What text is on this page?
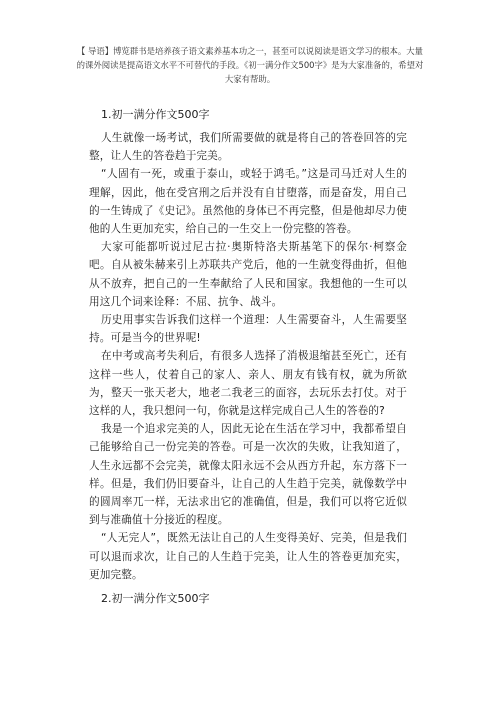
【 导语】博览群书是培养孩子语文素养基本功之一，甚至可以说阅读是语文学习的根本。大量的课外阅读是提高语文水平不可替代的手段。《初一满分作文500字》是为大家准备的，希望对大家有帮助。
1.初一满分作文500字

人生就像一场考试，我们所需要做的就是将自己的答卷回答的完整，让人生的答卷趋于完美。

“人固有一死，或重于泰山，或轻于鸿毛。”这是司马迁对人生的理解，因此，他在受宫刑之后并没有自甘堕落，而是奋发，用自己的一生铸成了《史记》。虽然他的身体已不再完整，但是他却尽力使他的人生更加充实，给自己的一生交上一份完整的答卷。

大家可能都听说过尼古拉·奥斯特洛夫斯基笔下的保尔·柯察金吧。自从被朱赫来引上苏联共产党后，他的一生就变得曲折，但他从不放弃，把自己的一生奉献给了人民和国家。我想他的一生可以用这几个词来诠释：不屈、抗争、战斗。

历史用事实告诉我们这样一个道理：人生需要奋斗，人生需要坚持。可是当今的世界呢!

在中考或高考失利后，有很多人选择了消极退缩甚至死亡，还有这样一些人，仗着自己的家人、亲人、朋友有钱有权，就为所欲为，整天一张天老大，地老二我老三的面容，去玩乐去打仗。对于这样的人，我只想问一句，你就是这样完成自己人生的答卷的?

我是一个追求完美的人，因此无论在生活在学习中，我都希望自己能够给自己一份完美的答卷。可是一次次的失败，让我知道了，人生永远都不会完美，就像太阳永远不会从西方升起，东方落下一样。但是，我们仍旧要奋斗，让自己的人生趋于完美，就像数学中的圆周率兀一样，无法求出它的准确值，但是，我们可以将它近似到与准确值十分接近的程度。

“人无完人”，既然无法让自己的人生变得美好、完美，但是我们可以退而求次，让自己的人生趋于完美，让人生的答卷更加充实，更加完整。

2.初一满分作文500字
